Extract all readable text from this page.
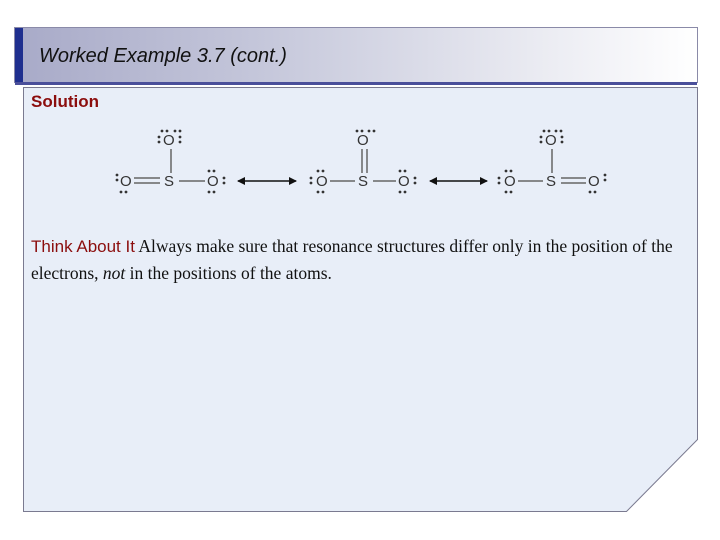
Worked Example 3.7 (cont.)
Solution
O
S
O	O
O
S
O	O
O
S
O	O
Think About It Always make sure that resonance structures differ only in the position of the electrons, not in the positions of the atoms.
